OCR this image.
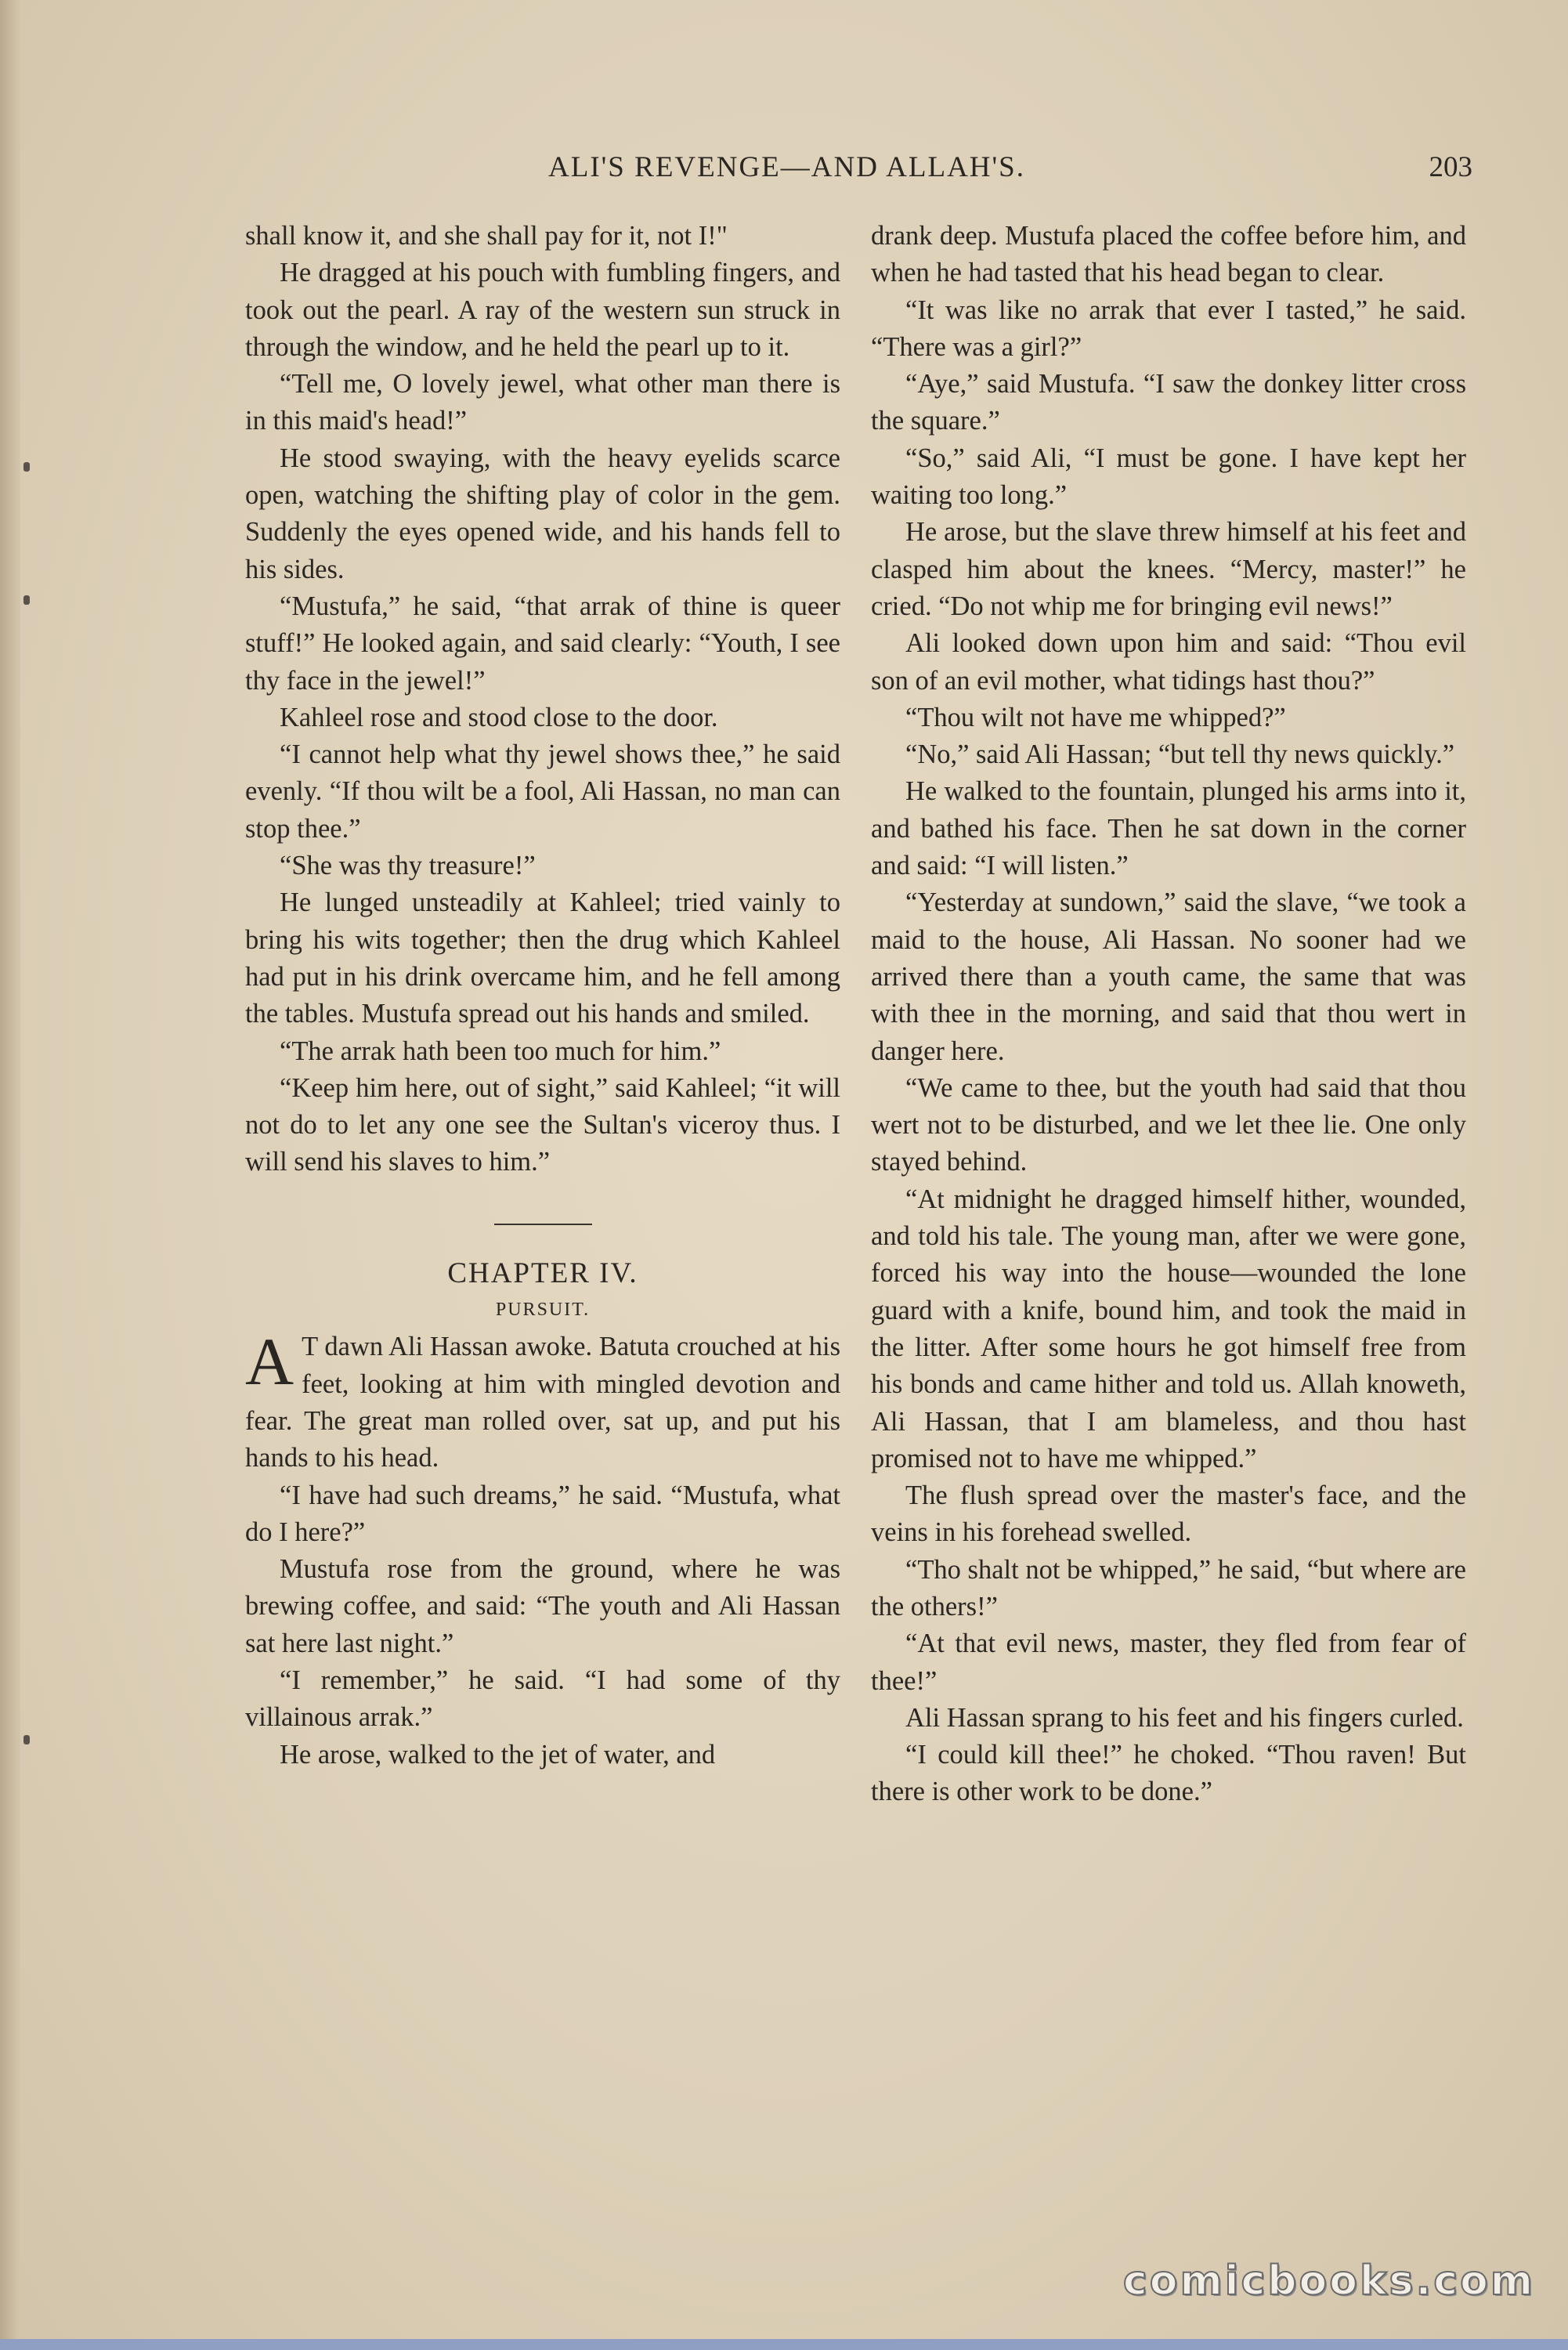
ALI'S REVENGE—AND ALLAH'S.	203

shall know it, and she shall pay for it, not I!"

He dragged at his pouch with fumbling fingers, and took out the pearl. A ray of the western sun struck in through the window, and he held the pearl up to it.

“Tell me, O lovely jewel, what other man there is in this maid's head!”

He stood swaying, with the heavy eyelids scarce open, watching the shifting play of color in the gem. Suddenly the eyes opened wide, and his hands fell to his sides.

“Mustufa,” he said, “that arrak of thine is queer stuff!” He looked again, and said clearly: “Youth, I see thy face in the jewel!”

Kahleel rose and stood close to the door.

“I cannot help what thy jewel shows thee,” he said evenly. “If thou wilt be a fool, Ali Hassan, no man can stop thee.”

“She was thy treasure!”

He lunged unsteadily at Kahleel; tried vainly to bring his wits together; then the drug which Kahleel had put in his drink overcame him, and he fell among the tables. Mustufa spread out his hands and smiled.

“The arrak hath been too much for him.”

“Keep him here, out of sight,” said Kahleel; “it will not do to let any one see the Sultan's viceroy thus. I will send his slaves to him.”

CHAPTER IV.

PURSUIT.

A T dawn Ali Hassan awoke. Batuta crouched at his feet, looking at him with mingled devotion and fear. The great man rolled over, sat up, and put his hands to his head.

“I have had such dreams,” he said. “Mustufa, what do I here?”

Mustufa rose from the ground, where he was brewing coffee, and said: “The youth and Ali Hassan sat here last night.”

“I remember,” he said. “I had some of thy villainous arrak.”

He arose, walked to the jet of water, and

drank deep. Mustufa placed the coffee before him, and when he had tasted that his head began to clear.

“It was like no arrak that ever I tasted,” he said. “There was a girl?”

“Aye,” said Mustufa. “I saw the donkey litter cross the square.”

“So,” said Ali, “I must be gone. I have kept her waiting too long.”

He arose, but the slave threw himself at his feet and clasped him about the knees. “Mercy, master!” he cried. “Do not whip me for bringing evil news!”

Ali looked down upon him and said: “Thou evil son of an evil mother, what tidings hast thou?”

“Thou wilt not have me whipped?”

“No,” said Ali Hassan; “but tell thy news quickly.”

He walked to the fountain, plunged his arms into it, and bathed his face. Then he sat down in the corner and said: “I will listen.”

“Yesterday at sundown,” said the slave, “we took a maid to the house, Ali Hassan. No sooner had we arrived there than a youth came, the same that was with thee in the morning, and said that thou wert in danger here.

“We came to thee, but the youth had said that thou wert not to be disturbed, and we let thee lie. One only stayed behind.

“At midnight he dragged himself hither, wounded, and told his tale. The young man, after we were gone, forced his way into the house—wounded the lone guard with a knife, bound him, and took the maid in the litter. After some hours he got himself free from his bonds and came hither and told us. Allah knoweth, Ali Hassan, that I am blameless, and thou hast promised not to have me whipped.”

The flush spread over the master's face, and the veins in his forehead swelled.

“Tho shalt not be whipped,” he said, “but where are the others!”

“At that evil news, master, they fled from fear of thee!”

Ali Hassan sprang to his feet and his fingers curled.

“I could kill thee!” he choked. “Thou raven! But there is other work to be done.”

comicbooks.com
